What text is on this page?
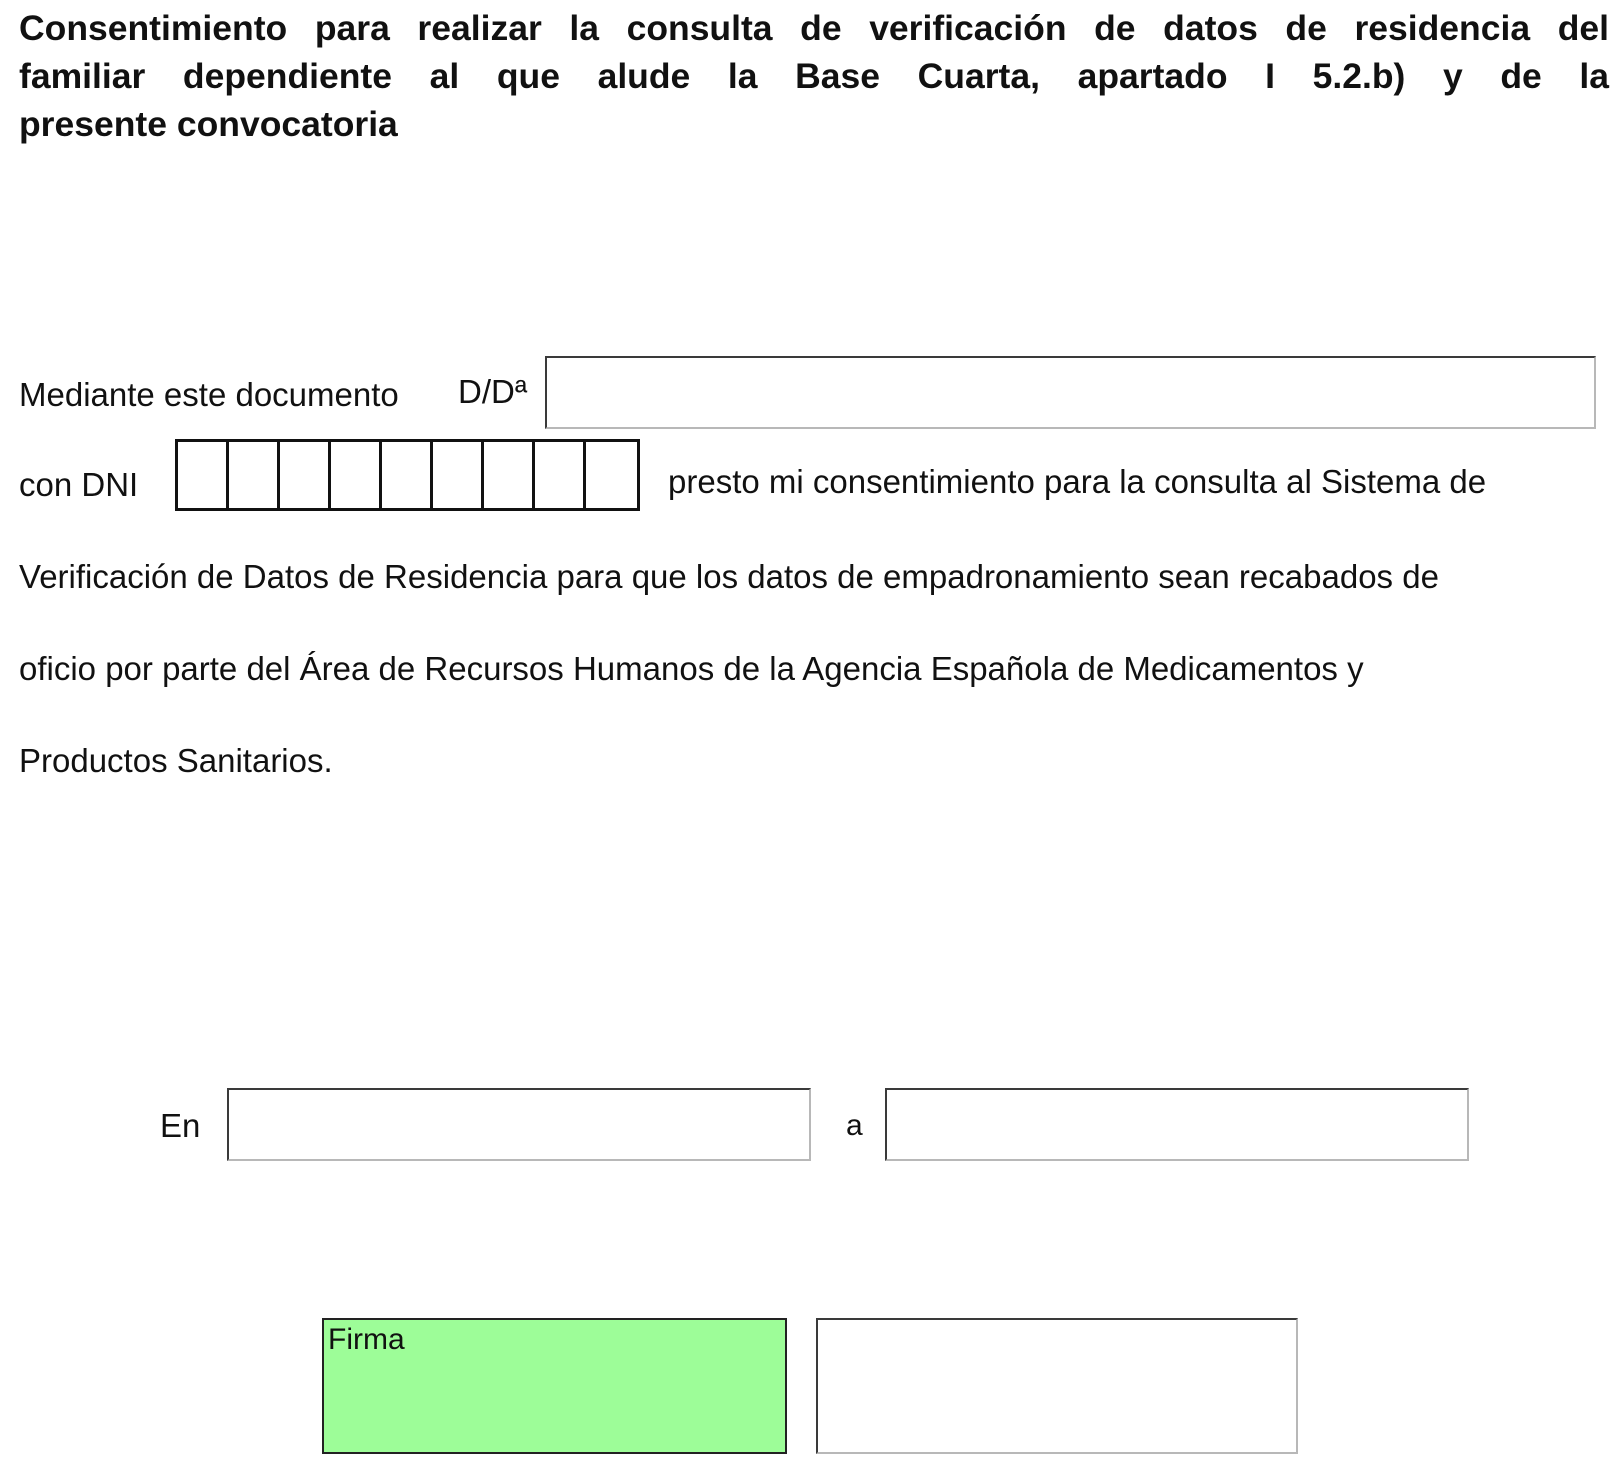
Consentimiento para realizar la consulta de verificación de datos de residencia del
familiar dependiente al que alude la Base Cuarta, apartado I 5.2.b) y de la
presente convocatoria

Mediante este documento D/Dª

con DNI	presto mi consentimiento para la consulta al Sistema de

Verificación de Datos de Residencia para que los datos de empadronamiento sean recabados de

oficio por parte del Área de Recursos Humanos de la Agencia Española de Medicamentos y

Productos Sanitarios.

En	a

Firma
